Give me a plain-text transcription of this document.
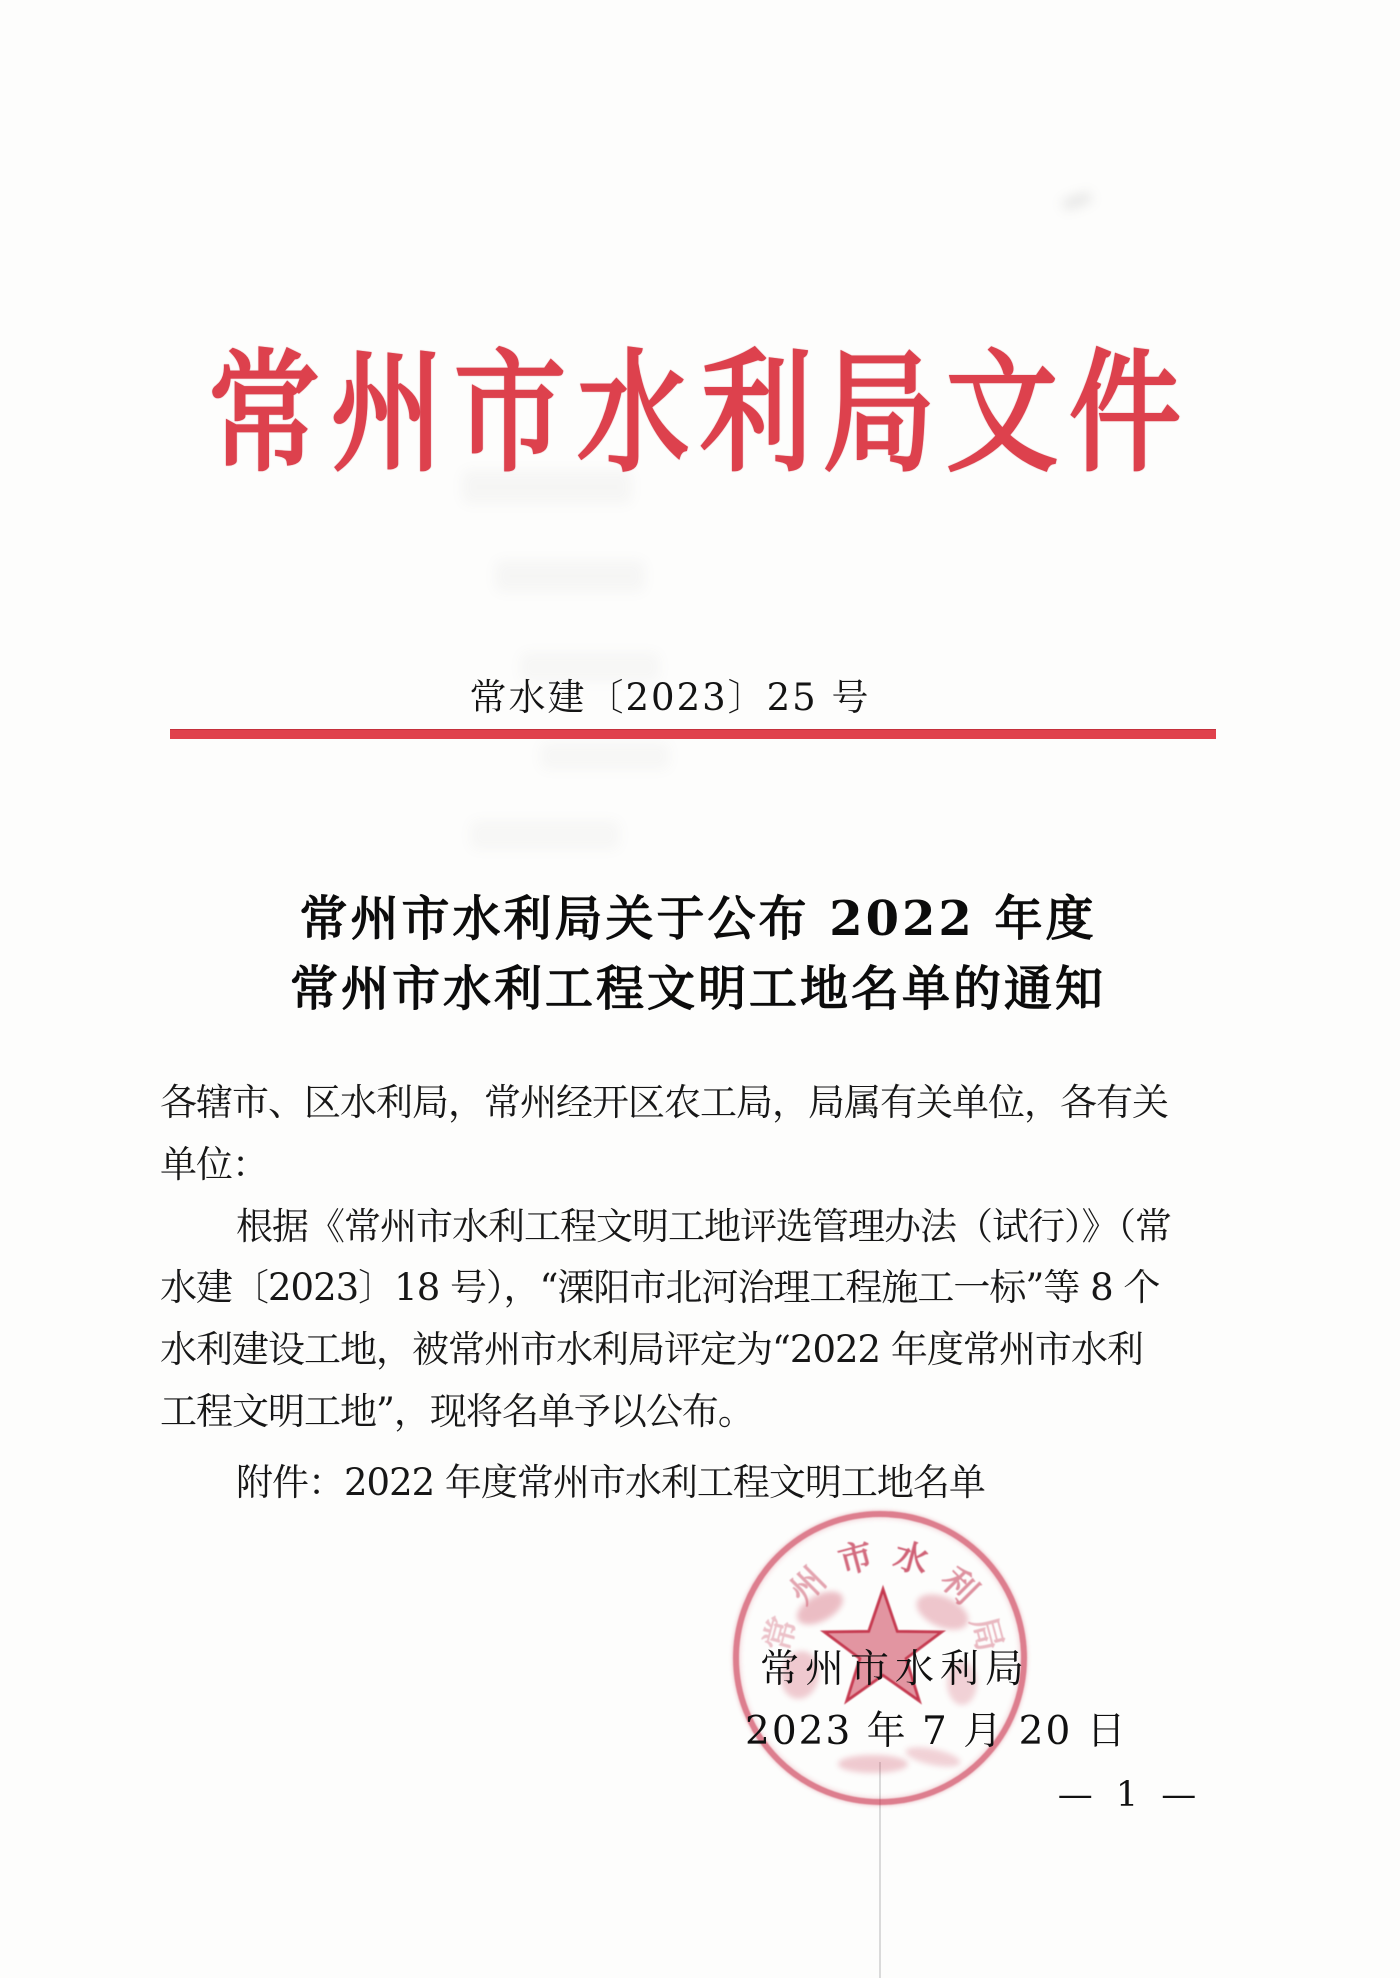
常州市水利局文件
常水建〔2023〕25 号
常州市水利局关于公布 2022 年度
常州市水利工程文明工地名单的通知
各辖市、区水利局，常州经开区农工局，局属有关单位，各有关
单位：
根据《常州市水利工程文明工地评选管理办法（试行）》（常
水建〔2023〕18 号），“溧阳市北河治理工程施工一标”等 8 个
水利建设工地，被常州市水利局评定为“2022 年度常州市水利
工程文明工地”，现将名单予以公布。
附件：2022 年度常州市水利工程文明工地名单
常
州
市 水
利
局
常州市水利局
2023 年 7 月 20 日
— 1 —
